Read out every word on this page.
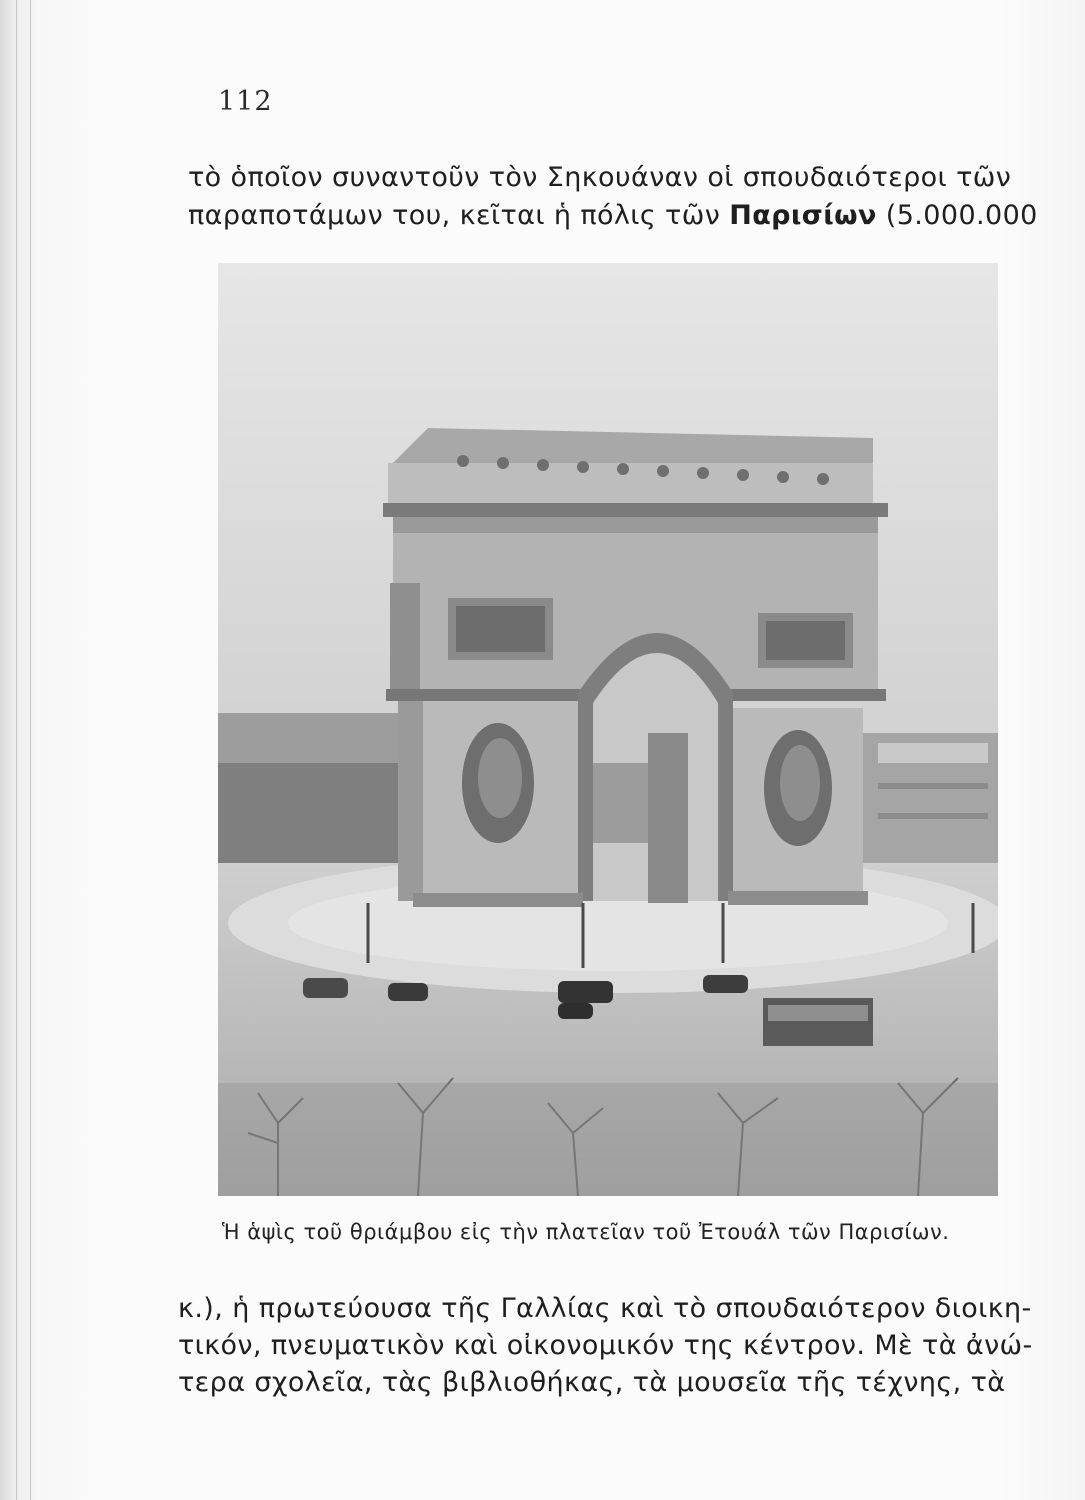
112
τὸ ὁποῖον συναντοῦν τὸν Σηκουάναν οἱ σπουδαιότεροι τῶν
παραποτάμων του, κεῖται ἡ πόλις τῶν Παρισίων (5.000.000
Ἡ ἁψὶς τοῦ θριάμβου εἰς τὴν πλατεῖαν τοῦ Ἐτουάλ τῶν Παρισίων.
κ.), ἡ πρωτεύουσα τῆς Γαλλίας καὶ τὸ σπουδαιότερον διοικη-
τικόν, πνευματικὸν καὶ οἰκονομικόν της κέντρον. Μὲ τὰ ἀνώ-
τερα σχολεῖα, τὰς βιβλιοθήκας, τὰ μουσεῖα τῆς τέχνης, τὰ
